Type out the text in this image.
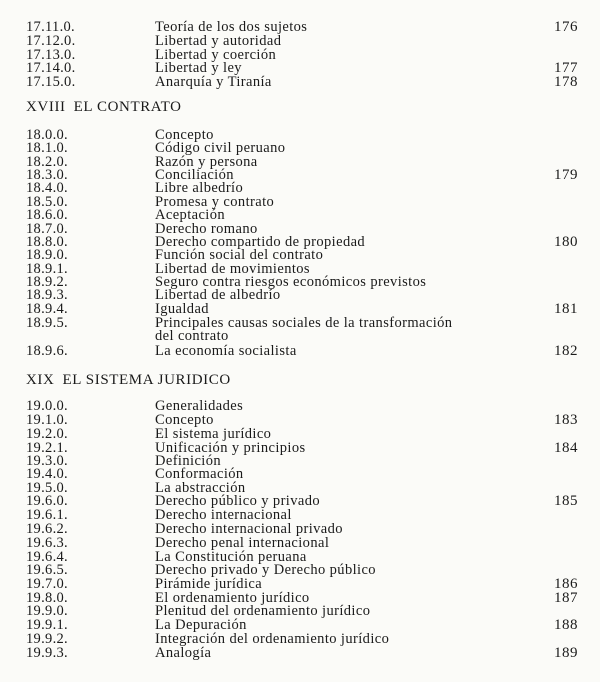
17.11.0.	Teoría de los dos sujetos	176
17.12.0.	Libertad y autoridad
17.13.0.	Libertad y coerción
17.14.0.	Libertad y ley	177
17.15.0.	Anarquía y Tiranía	178
XVIII EL CONTRATO
18.0.0.	Concepto
18.1.0.	Código civil peruano
18.2.0.	Razón y persona
18.3.0.	Conciliación	179
18.4.0.	Libre albedrío
18.5.0.	Promesa y contrato
18.6.0.	Aceptación
18.7.0.	Derecho romano
18.8.0.	Derecho compartido de propiedad	180
18.9.0.	Función social del contrato
18.9.1.	Libertad de movimientos
18.9.2.	Seguro contra riesgos económicos previstos
18.9.3.	Libertad de albedrío
18.9.4.	Igualdad	181
18.9.5.	Principales causas sociales de la transformación
del contrato
18.9.6.	La economía socialista	182
XIX EL SISTEMA JURIDICO
19.0.0.	Generalidades
19.1.0.	Concepto	183
19.2.0.	El sistema jurídico
19.2.1.	Unificación y principios	184
19.3.0.	Definición
19.4.0.	Conformación
19.5.0.	La abstracción
19.6.0.	Derecho público y privado	185
19.6.1.	Derecho internacional
19.6.2.	Derecho internacional privado
19.6.3.	Derecho penal internacional
19.6.4.	La Constitución peruana
19.6.5.	Derecho privado y Derecho público
19.7.0.	Pirámide jurídica	186
19.8.0.	El ordenamiento jurídico	187
19.9.0.	Plenitud del ordenamiento jurídico
19.9.1.	La Depuración	188
19.9.2.	Integración del ordenamiento jurídico
19.9.3.	Analogía	189
